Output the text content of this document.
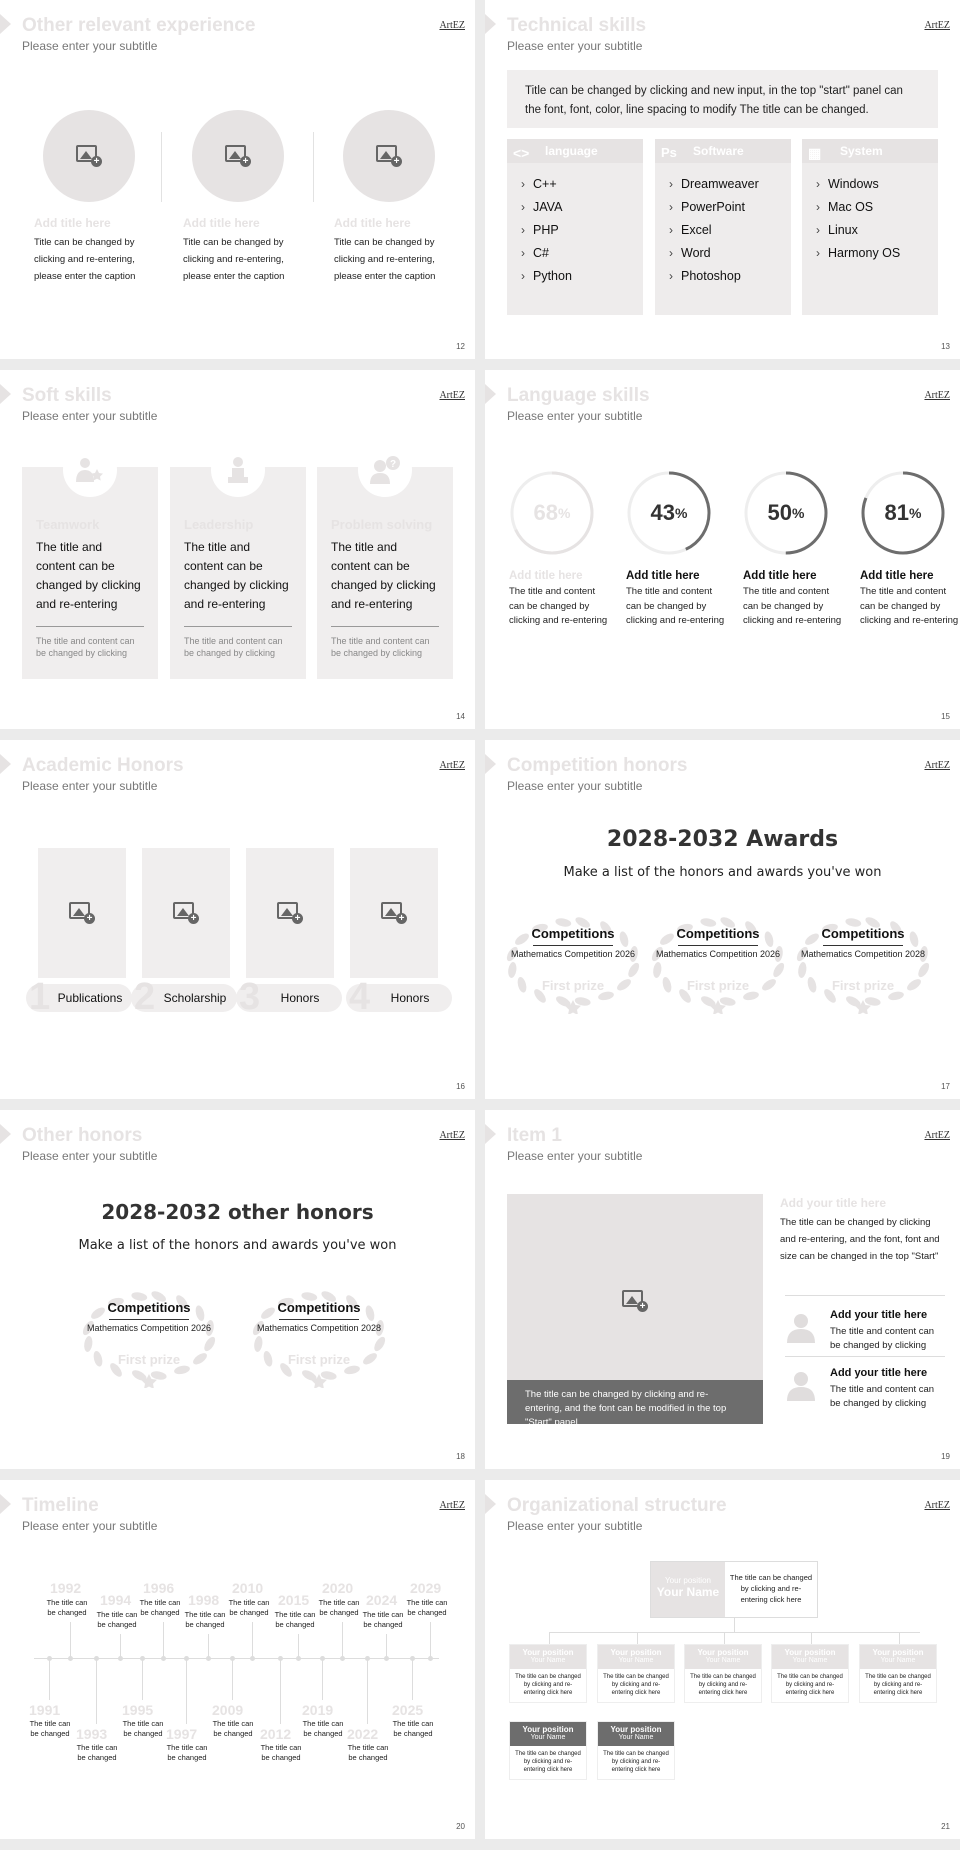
Other relevant experience
Please enter your subtitle
ArtEZ
+
Add title here
Title can be changed by clicking and re-entering, please enter the caption
+
Add title here
Title can be changed by clicking and re-entering, please enter the caption
+
Add title here
Title can be changed by clicking and re-entering, please enter the caption
12
Technical skills
Please enter your subtitle
ArtEZ
Title can be changed by clicking and new input, in the top "start" panel can the font, font, color, line spacing to modify The title can be changed.
<> language
› C++
› JAVA
› PHP
› C#
› Python
Ps Software
› Dreamweaver
› PowerPoint
› Excel
› Word
› Photoshop
▦ System
› Windows
› Mac OS
› Linux
› Harmony OS
13
Soft skills
Please enter your subtitle
ArtEZ
Teamwork
The title and content can be changed by clicking and re-entering
The title and content can be changed by clicking
Leadership
The title and content can be changed by clicking and re-entering
The title and content can be changed by clicking
Problem solving
The title and content can be changed by clicking and re-entering
The title and content can be changed by clicking
?
14
Language skills
Please enter your subtitle
ArtEZ
68 %
Add title here
The title and content can be changed by clicking and re-entering
43 %
Add title here
The title and content can be changed by clicking and re-entering
50 %
Add title here
The title and content can be changed by clicking and re-entering
81 %
Add title here
The title and content can be changed by clicking and re-entering
15
Academic Honors
Please enter your subtitle
ArtEZ
+	+	+	+
1 Publications 2 Scholarship 3	Honors 4	Honors
16
Competition honors
Please enter your subtitle
ArtEZ
2028-2032 Awards
Make a list of the honors and awards you've won
Competitions
Mathematics Competition 2026
First prize
Competitions
Mathematics Competition 2026
First prize
Competitions
Mathematics Competition 2028
First prize
17
Other honors
Please enter your subtitle
ArtEZ
2028-2032 other honors
Make a list of the honors and awards you've won
Competitions
Mathematics Competition 2026
First prize
Competitions
Mathematics Competition 2028
First prize
18
Item 1
Please enter your subtitle
ArtEZ
+
The title can be changed by clicking and re-entering, and the font can be modified in the top "Start" panel.
Add your title here
The title can be changed by clicking and re-entering, and the font, font and size can be changed in the top "Start"
Add your title here
The title and content can be changed by clicking
Add your title here
The title and content can be changed by clicking
19
Timeline
Please enter your subtitle
ArtEZ
20
1992
The title can be changed
1994
The title can be changed
1996
The title can be changed
1998
The title can be changed
2010
The title can be changed
2015
The title can be changed
2020
The title can be changed
2024
The title can be changed
2029
The title can be changed
1991
The title can be changed 1993
The title can be changed
1995
The title can be changed 1997
The title can be changed
2009
The title can be changed 2012
The title can be changed
2019
The title can be changed 2022
The title can be changed
2025
The title can be changed
Organizational structure
Please enter your subtitle
ArtEZ
Your position
Your Name
The title can be changed by clicking and re-entering click here
21
Your position
Your Name
The title can be changed by clicking and re-entering click here
Your position
Your Name
The title can be changed by clicking and re-entering click here
Your position
Your Name
The title can be changed by clicking and re-entering click here
Your position
Your Name
The title can be changed by clicking and re-entering click here
Your position
Your Name
The title can be changed by clicking and re-entering click here
Your position
Your Name
The title can be changed by clicking and re-entering click here
Your position
Your Name
The title can be changed by clicking and re-entering click here
